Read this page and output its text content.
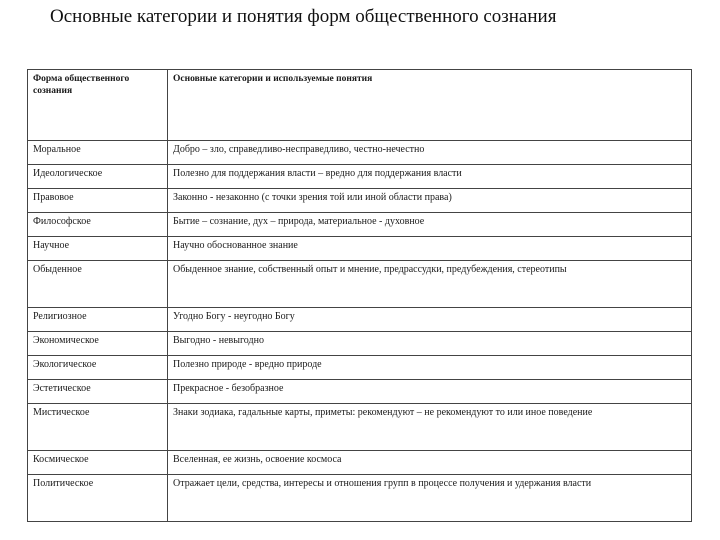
Основные категории и понятия форм общественного сознания
Форма общественного сознания	Основные категории и используемые понятия
Моральное	Добро – зло, справедливо-несправедливо, честно-нечестно
Идеологическое	Полезно для поддержания власти – вредно для поддержания власти
Правовое	Законно - незаконно (с точки зрения той или иной области права)
Философское	Бытие – сознание, дух – природа, материальное - духовное
Научное	Научно обоснованное знание
Обыденное	Обыденное знание, собственный опыт и мнение, предрассудки, предубеждения, стереотипы
Религиозное	Угодно Богу - неугодно Богу
Экономическое	Выгодно - невыгодно
Экологическое	Полезно природе - вредно природе
Эстетическое	Прекрасное - безобразное
Мистическое	Знаки зодиака, гадальные карты, приметы: рекомендуют – не рекомендуют то или иное поведение
Космическое	Вселенная, ее жизнь, освоение космоса
Политическое	Отражает цели, средства, интересы и отношения групп в процессе получения и удержания власти
